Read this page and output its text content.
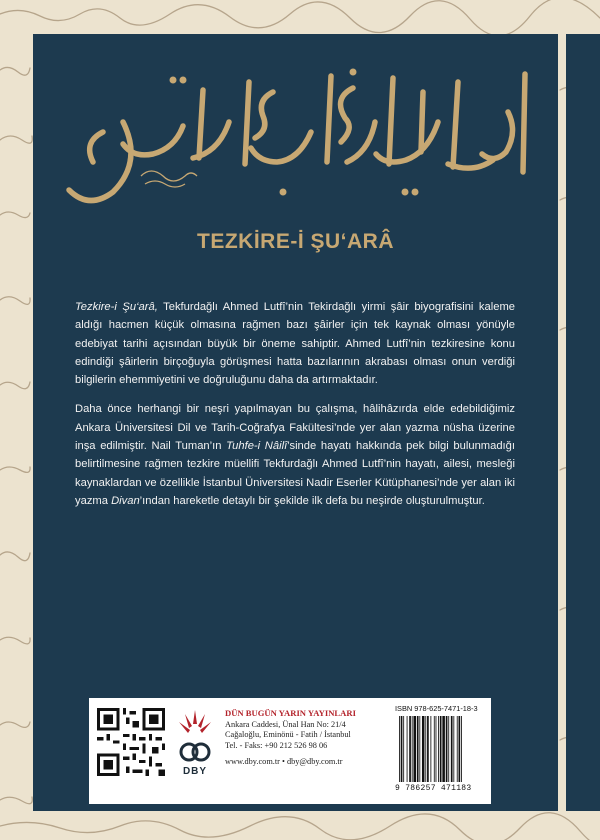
TEZKİRE-İ ŞU‘ARÂ

Tezkire-i Şu‘arâ, Tekfurdağlı Ahmed Lutfî’nin Tekirdağlı yirmi şâir biyografisini kaleme aldığı hacmen küçük olmasına rağmen bazı şâirler için tek kaynak olması yönüyle edebiyat tarihi açısından büyük bir öneme sahiptir. Ahmed Lutfî’nin tezkiresine konu edindiği şâirlerin birçoğuyla görüşmesi hatta bazılarının akrabası olması onun verdiği bilgilerin ehemmiyetini ve doğruluğunu daha da artırmaktadır.

Daha önce herhangi bir neşri yapılmayan bu çalışma, hâlihâzırda elde edebildiğimiz Ankara Üniversitesi Dil ve Tarih-Coğrafya Fakültesi’nde yer alan yazma nüsha üzerine inşa edilmiştir. Nail Tuman’ın Tuhfe-i Nâilî’sinde hayatı hakkında pek bilgi bulunmadığı belirtilmesine rağmen tezkire müellifi Tekfurdağlı Ahmed Lutfî’nin hayatı, ailesi, mesleği kaynaklardan ve özellikle İstanbul Üniversitesi Nadir Eserler Kütüphanesi’nde yer alan iki yazma Divan’ından hareketle detaylı bir şekilde ilk defa bu neşirde oluşturulmuştur.

DBY
DÜN BUGÜN YARIN YAYINLARI
Ankara Caddesi, Ünal Han No: 21/4
Cağaloğlu, Eminönü - Fatih / İstanbul
Tel. - Faks: +90 212 526 98 06
www.dby.com.tr • dby@dby.com.tr
ISBN 978-625-7471-18-3
9 786257 471183
